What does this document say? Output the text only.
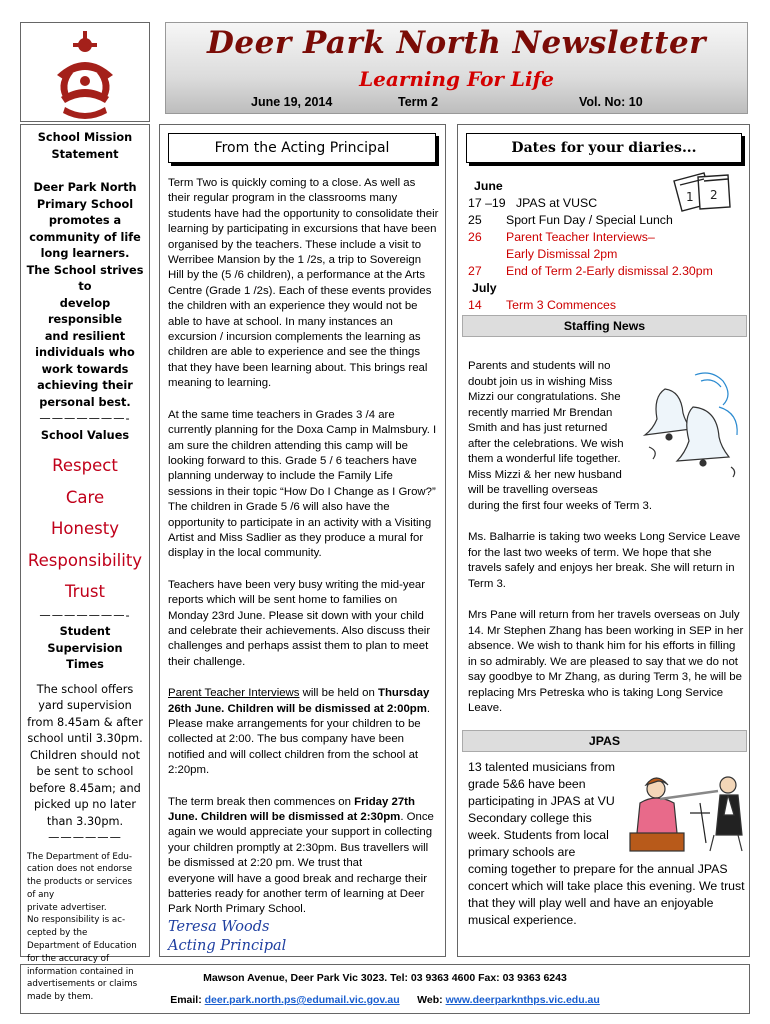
Deer Park North Newsletter
Learning For Life
June 19, 2014	Term 2	Vol. No: 10
School Mission Statement
Deer Park North
Primary School
promotes a
community of life
long learners.
The School strives to
develop responsible
and resilient
individuals who
work towards
achieving their
personal best.
———————-
School Values
Respect
Care
Honesty
Responsibility
Trust
———————-
Student Supervision
Times
The school offers
yard supervision
from 8.45am & after
school until 3.30pm.
Children should not
be sent to school
before 8.45am; and
picked up no later
than 3.30pm.
——————
The Department of Edu-
cation does not endorse
the products or services
of any
private advertiser.
No responsibility is ac-
cepted by the
Department of Education
for the accuracy of
information contained in
advertisements or claims
made by them.
From the Acting Principal

Term Two is quickly coming to a close. As well as their regular program in the classrooms many students have had the opportunity to consolidate their learning by participating in excursions that have been organised by the teachers. These include a visit to Werribee Mansion by the 1 /2s, a trip to Sovereign Hill by the (5 /6 children), a performance at the Arts Centre (Grade 1 /2s). Each of these events provides the children with an experience they would not be able to have at school. In many instances an excursion / incursion complements the learning as children are able to experience and see the things that they have been learning about. This brings real meaning to learning.

At the same time teachers in Grades 3 /4 are currently planning for the Doxa Camp in Malmsbury. I am sure the children attending this camp will be looking forward to this. Grade 5 / 6 teachers have planning underway to include the Family Life sessions in their topic “How Do I Change as I Grow?” The children in Grade 5 /6 will also have the opportunity to participate in an activity with a Visiting Artist and Miss Sadlier as they produce a mural for display in the local community.

Teachers have been very busy writing the mid-year reports which will be sent home to families on Monday 23rd June. Please sit down with your child and celebrate their achievements. Also discuss their challenges and perhaps assist them to plan to meet their challenge.

Parent Teacher Interviews will be held on Thursday 26th June. Children will be dismissed at 2:00pm. Please make arrangements for your children to be collected at 2:00. The bus company have been notified and will collect children from the school at 2:20pm.

The term break then commences on Friday 27th June. Children will be dismissed at 2:30pm. Once again we would appreciate your support in collecting your children promptly at 2:30pm. Bus travellers will be dismissed at 2:20 pm. We trust that
everyone will have a good break and recharge their batteries ready for another term of learning at Deer Park North Primary School.

Teresa Woods
Acting Principal
Dates for your diaries...
1 2
June
17 –19 JPAS at VUSC
25 Sport Fun Day / Special Lunch
26 Parent Teacher Interviews–
Early Dismissal 2pm
27 End of Term 2-Early dismissal 2.30pm
July
14 Term 3 Commences
Staffing News

Parents and students will no doubt join us in wishing Miss Mizzi our congratulations. She recently married Mr Brendan Smith and has just returned after the celebrations. We wish them a wonderful life together. Miss Mizzi & her new husband will be travelling overseas during the first four weeks of Term 3.

Ms. Balharrie is taking two weeks Long Service Leave for the last two weeks of term. We hope that she travels safely and enjoys her break. She will return in Term 3.

Mrs Pane will return from her travels overseas on July 14. Mr Stephen Zhang has been working in SEP in her absence. We wish to thank him for his efforts in filling in so admirably. We are pleased to say that we do not say goodbye to Mr Zhang, as during Term 3, he will be replacing Mrs Petreska who is taking Long Service Leave.

JPAS
13 talented musicians from grade 5&6 have been participating in JPAS at VU Secondary college this week. Students from local primary schools are coming together to prepare for the annual JPAS concert which will take place this evening. We trust that they will play well and have an enjoyable musical experience.
Mawson Avenue, Deer Park Vic 3023. Tel: 03 9363 4600 Fax: 03 9363 6243
Email: deer.park.north.ps@edumail.vic.gov.au Web: www.deerparknthps.vic.edu.au
